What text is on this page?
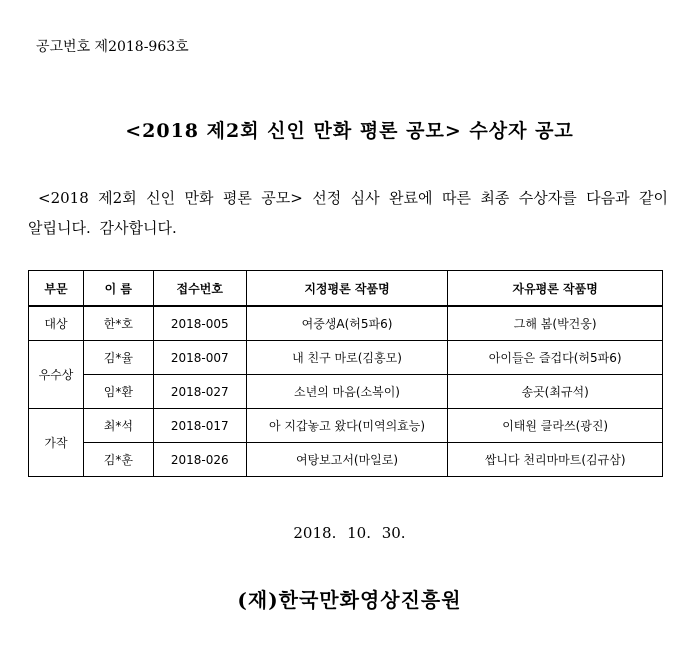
공고번호 제2018-963호
<2018 제2회 신인 만화 평론 공모> 수상자 공고
<2018 제2회 신인 만화 평론 공모> 선정 심사 완료에 따른 최종 수상자를 다음과 같이 알립니다. 감사합니다.
부문	이 름	접수번호	지정평론 작품명	자유평론 작품명
대상	한*호	2018-005	여중생A(허5파6)	그해 봄(박건웅)
우수상	김*율	2018-007	내 친구 마로(김홍모)	아이들은 즐겁다(허5파6)
	임*환	2018-027	소년의 마음(소복이)	송곳(최규석)
가작	최*석	2018-017	아 지갑놓고 왔다(미역의효능)	이태원 클라쓰(광진)
	김*훈	2018-026	여탕보고서(마일로)	쌉니다 천리마마트(김규삼)
2018. 10. 30.
(재)한국만화영상진흥원
